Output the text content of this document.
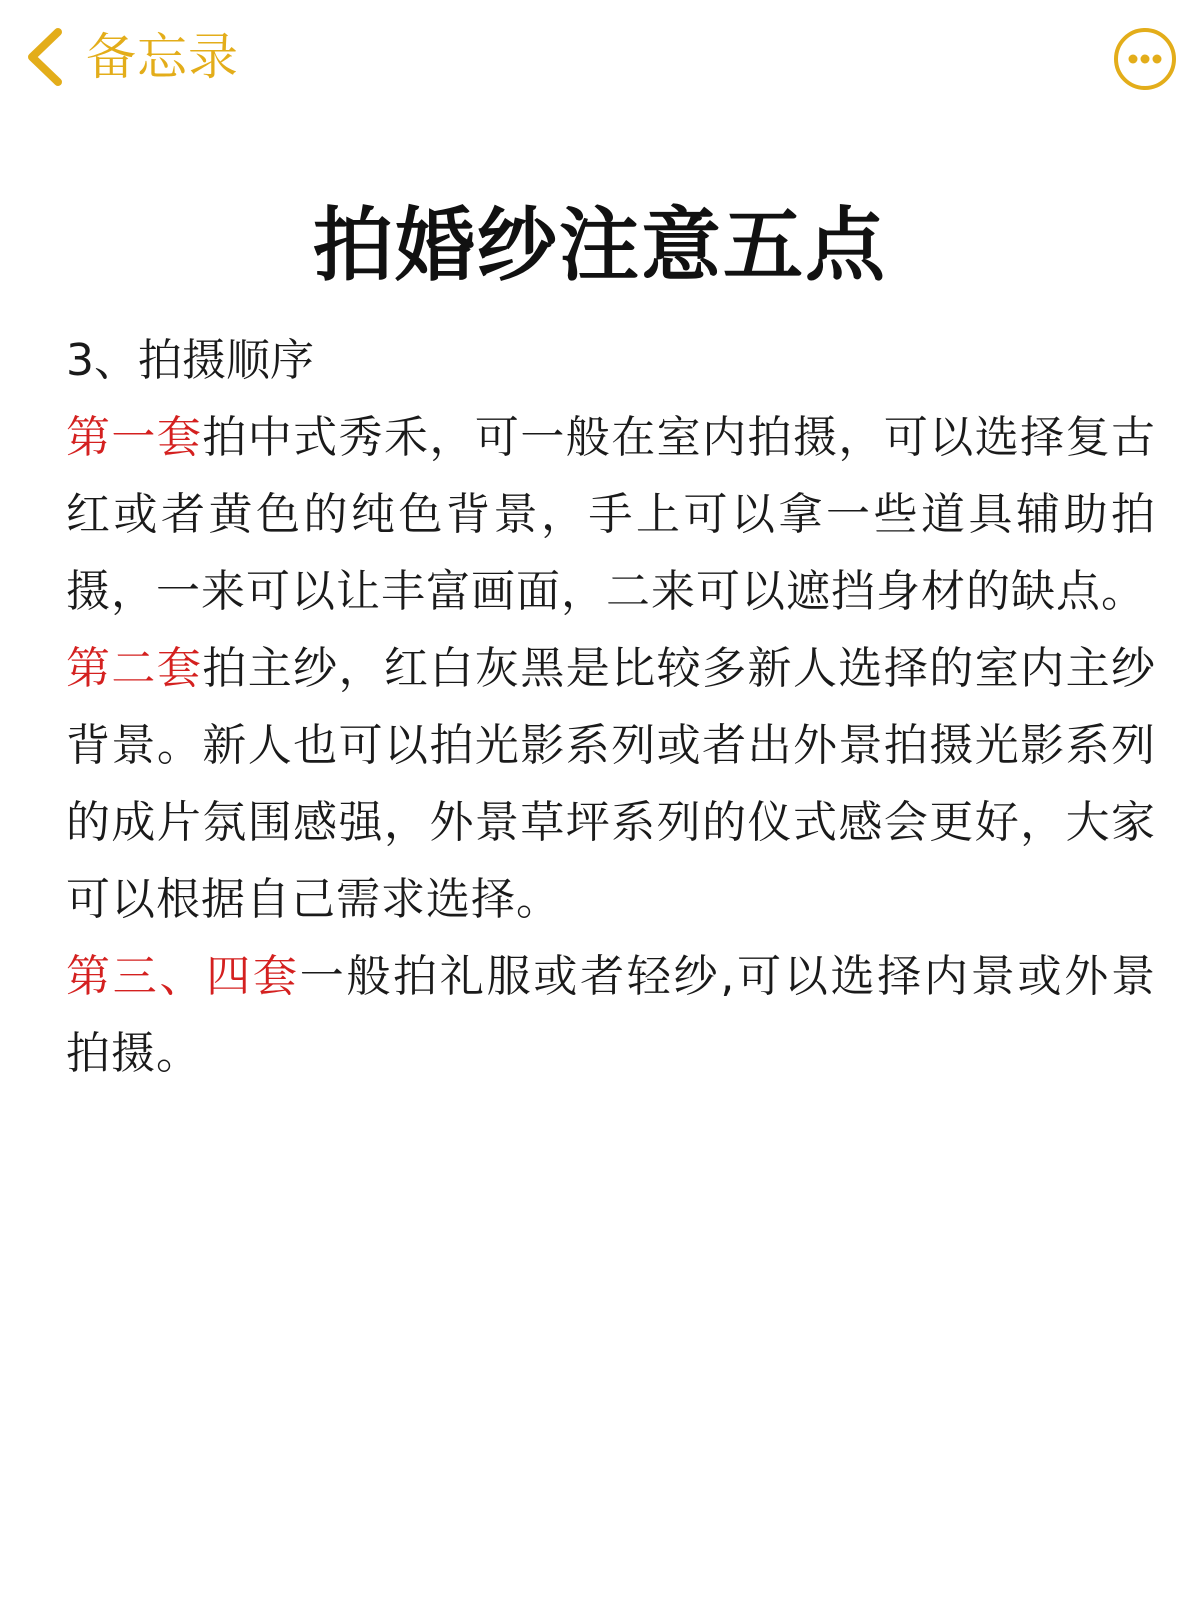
备忘录
拍婚纱注意五点

3、拍摄顺序

第一套拍中式秀禾，可一般在室内拍摄，可以选择复古红或者黄色的纯色背景，手上可以拿一些道具辅助拍摄，一来可以让丰富画面，二来可以遮挡身材的缺点。

第二套拍主纱，红白灰黑是比较多新人选择的室内主纱背景。新人也可以拍光影系列或者出外景拍摄光影系列的成片氛围感强，外景草坪系列的仪式感会更好，大家可以根据自己需求选择。

第三、四套一般拍礼服或者轻纱,可以选择内景或外景拍摄。
